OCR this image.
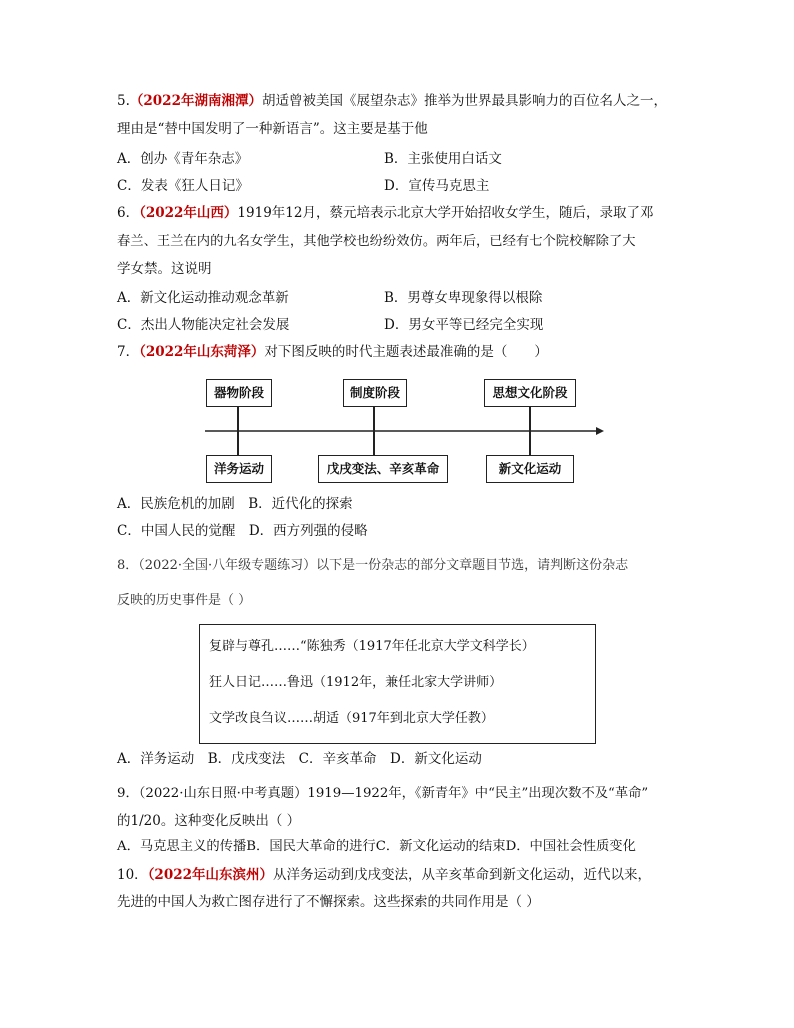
5.（2022年湖南湘潭）胡适曾被美国《展望杂志》推举为世界最具影响力的百位名人之一，
理由是“替中国发明了一种新语言”。这主要是基于他
A．创办《青年杂志》	B．主张使用白话文
C．发表《狂人日记》	D．宣传马克思主
6．（2022年山西）1919年12月，蔡元培表示北京大学开始招收女学生，随后，录取了邓
春兰、王兰在内的九名女学生，其他学校也纷纷效仿。两年后，已经有七个院校解除了大
学女禁。这说明
A．新文化运动推动观念革新	B．男尊女卑现象得以根除
C．杰出人物能决定社会发展	D．男女平等已经完全实现
7．（2022年山东菏泽）对下图反映的时代主题表述最准确的是（　　）
器物阶段	制度阶段	思想文化阶段
洋务运动	戊戌变法、辛亥革命	新文化运动
A．民族危机的加剧　B．近代化的探索
C．中国人民的觉醒　D．西方列强的侵略
8．（2022·全国·八年级专题练习）以下是一份杂志的部分文章题目节选，请判断这份杂志
反映的历史事件是（ ）
复辟与尊孔……“陈独秀（1917年任北京大学文科学长）
狂人日记……鲁迅（1912年，兼任北家大学讲师）
文学改良刍议……胡适（917年到北京大学任教）
A．洋务运动　B．戊戌变法　C．辛亥革命　D．新文化运动
9．（2022·山东日照·中考真题）1919—1922年，《新青年》中“民主”出现次数不及“革命”
的1/20。这种变化反映出（ ）
A．马克思主义的传播B．国民大革命的进行C．新文化运动的结束D．中国社会性质变化
10．（2022年山东滨州）从洋务运动到戊戌变法，从辛亥革命到新文化运动，近代以来，
先进的中国人为救亡图存进行了不懈探索。这些探索的共同作用是（ ）
